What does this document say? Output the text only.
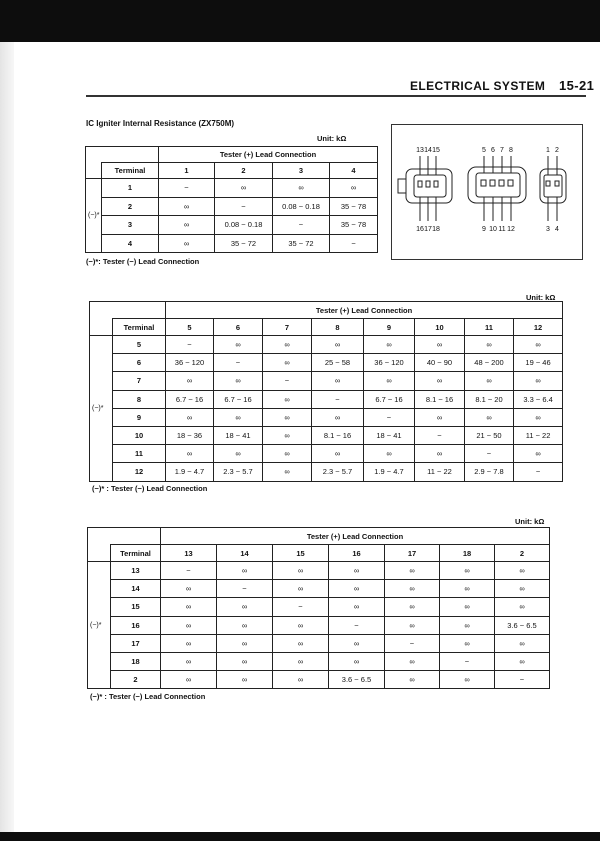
ELECTRICAL SYSTEM 15-21
IC Igniter Internal Resistance (ZX750M)
Unit: kΩ
		Tester (+) Lead Connection			
	Terminal	1	2	3	4
(−)*	1	−	∞	∞	∞
	2	∞	−	0.08 ~ 0.18	35 ~ 78
	3	∞	0.08 ~ 0.18	−	35 ~ 78
	4	∞	35 ~ 72	35 ~ 72	−
(−)*: Tester (−) Lead Connection
13 14 15	5 6 7 8	1 2
16 17 18	9 10 11 12	3 4
Unit: kΩ
		Tester (+) Lead Connection							
	Terminal	5	6	7	8	9	10	11	12
(−)*	5	−	∞	∞	∞	∞	∞	∞	∞
	6	36 ~ 120	−	∞	25 ~ 58	36 ~ 120	40 ~ 90	48 ~ 200	19 ~ 46
	7	∞	∞	−	∞	∞	∞	∞	∞
	8	6.7 ~ 16	6.7 ~ 16	∞	−	6.7 ~ 16	8.1 ~ 16	8.1 ~ 20	3.3 ~ 6.4
	9	∞	∞	∞	∞	−	∞	∞	∞
	10	18 ~ 36	18 ~ 41	∞	8.1 ~ 16	18 ~ 41	−	21 ~ 50	11 ~ 22
	11	∞	∞	∞	∞	∞	∞	−	∞
	12	1.9 ~ 4.7	2.3 ~ 5.7	∞	2.3 ~ 5.7	1.9 ~ 4.7	11 ~ 22	2.9 ~ 7.8	−
(−)* : Tester (−) Lead Connection
Unit: kΩ
		Tester (+) Lead Connection						
	Terminal	13	14	15	16	17	18	2
(−)*	13	−	∞	∞	∞	∞	∞	∞
	14	∞	−	∞	∞	∞	∞	∞
	15	∞	∞	−	∞	∞	∞	∞
	16	∞	∞	∞	−	∞	∞	3.6 ~ 6.5
	17	∞	∞	∞	∞	−	∞	∞
	18	∞	∞	∞	∞	∞	−	∞
	2	∞	∞	∞	3.6 ~ 6.5	∞	∞	−
(−)* : Tester (−) Lead Connection
